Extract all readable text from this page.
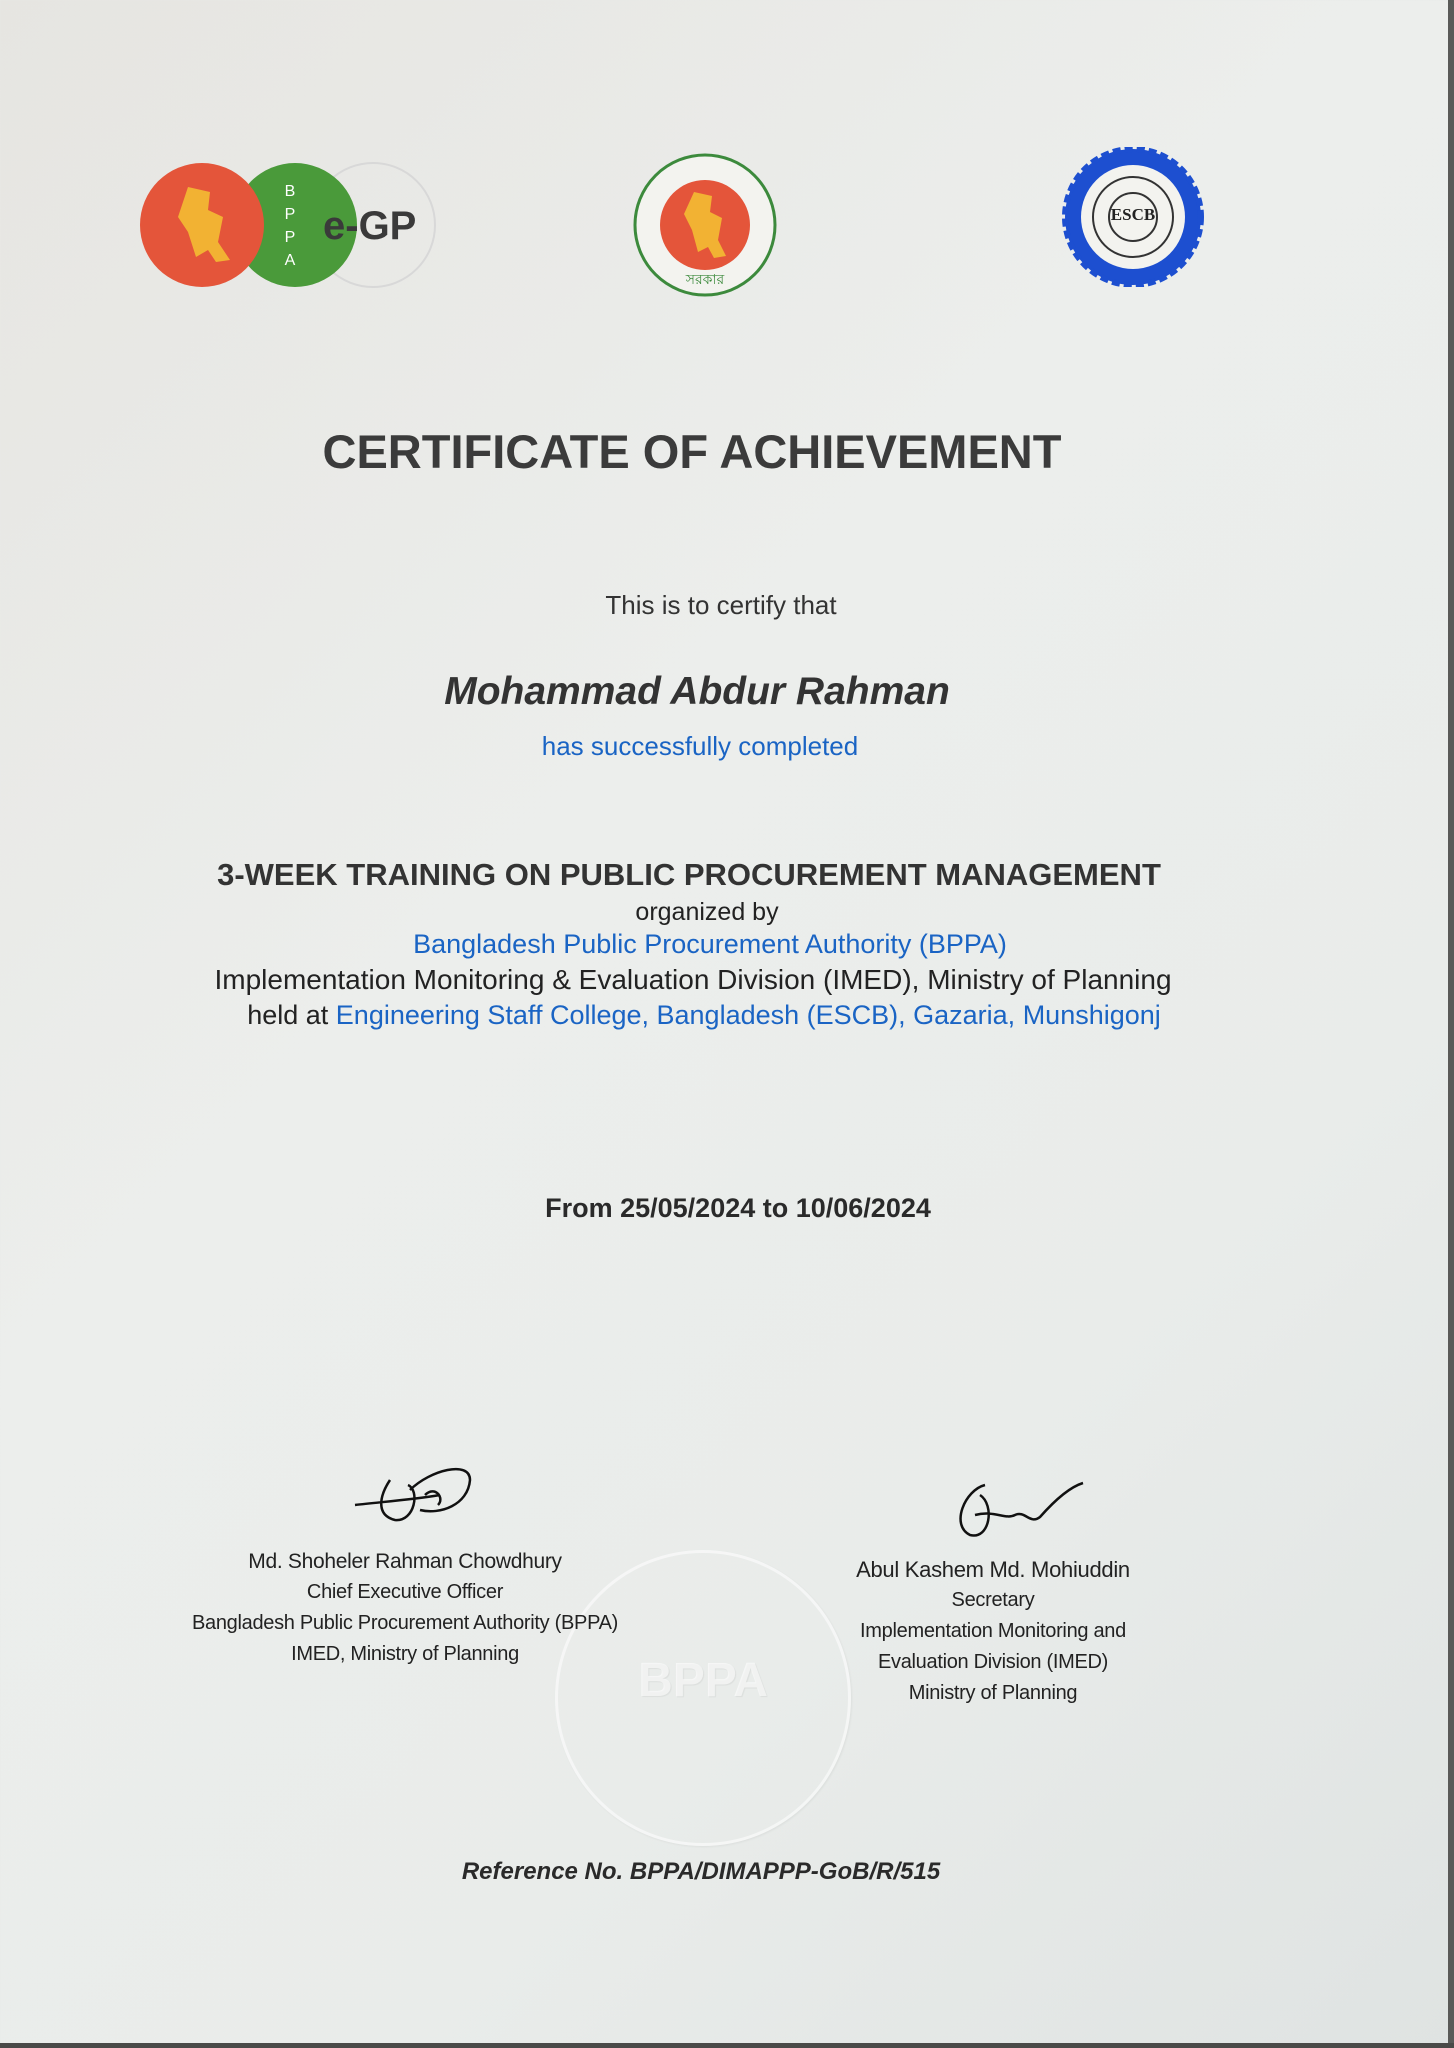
BPPA
e-GP
সরকার
ESCB
CERTIFICATE OF ACHIEVEMENT
This is to certify that
Mohammad Abdur Rahman
has successfully completed
3-WEEK TRAINING ON PUBLIC PROCUREMENT MANAGEMENT
organized by
Bangladesh Public Procurement Authority (BPPA)
Implementation Monitoring & Evaluation Division (IMED), Ministry of Planning
held at Engineering Staff College, Bangladesh (ESCB), Gazaria, Munshigonj
From 25/05/2024 to 10/06/2024
BPPA
Md. Shoheler Rahman Chowdhury
Chief Executive Officer
Bangladesh Public Procurement Authority (BPPA)
IMED, Ministry of Planning
Abul Kashem Md. Mohiuddin
Secretary
Implementation Monitoring and
Evaluation Division (IMED)
Ministry of Planning
Reference No. BPPA/DIMAPPP-GoB/R/515
